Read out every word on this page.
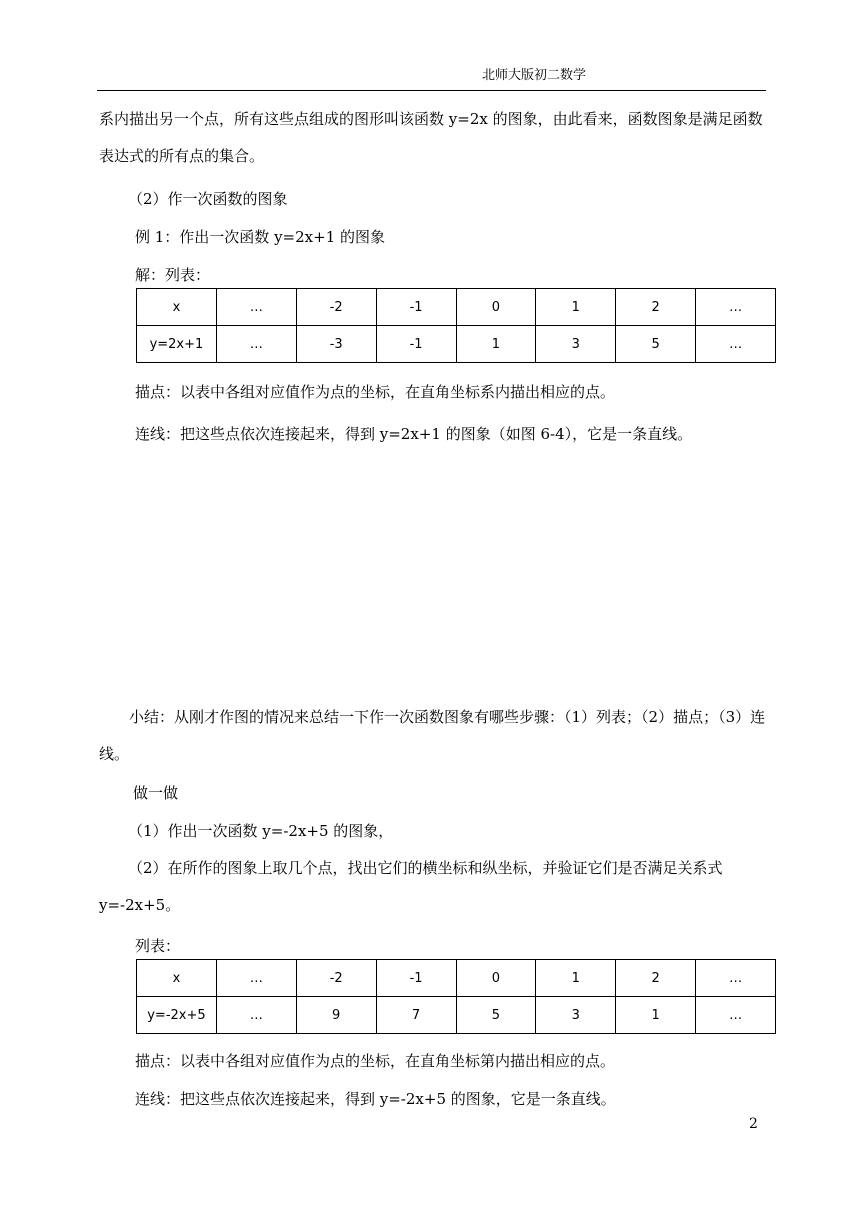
北师大版初二数学

系内描出另一个点，所有这些点组成的图形叫该函数 y=2x 的图象，由此看来，函数图象是满足函数表达式的所有点的集合。

（2）作一次函数的图象
例 1：作出一次函数 y=2x+1 的图象
解：列表：
x	…	-2	-1	0	1	2	…
y=2x+1	…	-3	-1	1	3	5	…
描点：以表中各组对应值作为点的坐标，在直角坐标系内描出相应的点。
连线：把这些点依次连接起来，得到 y=2x+1 的图象（如图 6-4），它是一条直线。

小结：从刚才作图的情况来总结一下作一次函数图象有哪些步骤：（1）列表；（2）描点；（3）连线。

做一做
（1）作出一次函数 y=-2x+5 的图象，

（2）在所作的图象上取几个点，找出它们的横坐标和纵坐标，并验证它们是否满足关系式 y=-2x+5。

列表：
x	…	-2	-1	0	1	2	…
y=-2x+5	…	9	7	5	3	1	…
描点：以表中各组对应值作为点的坐标，在直角坐标第内描出相应的点。
连线：把这些点依次连接起来，得到 y=-2x+5 的图象，它是一条直线。
2
